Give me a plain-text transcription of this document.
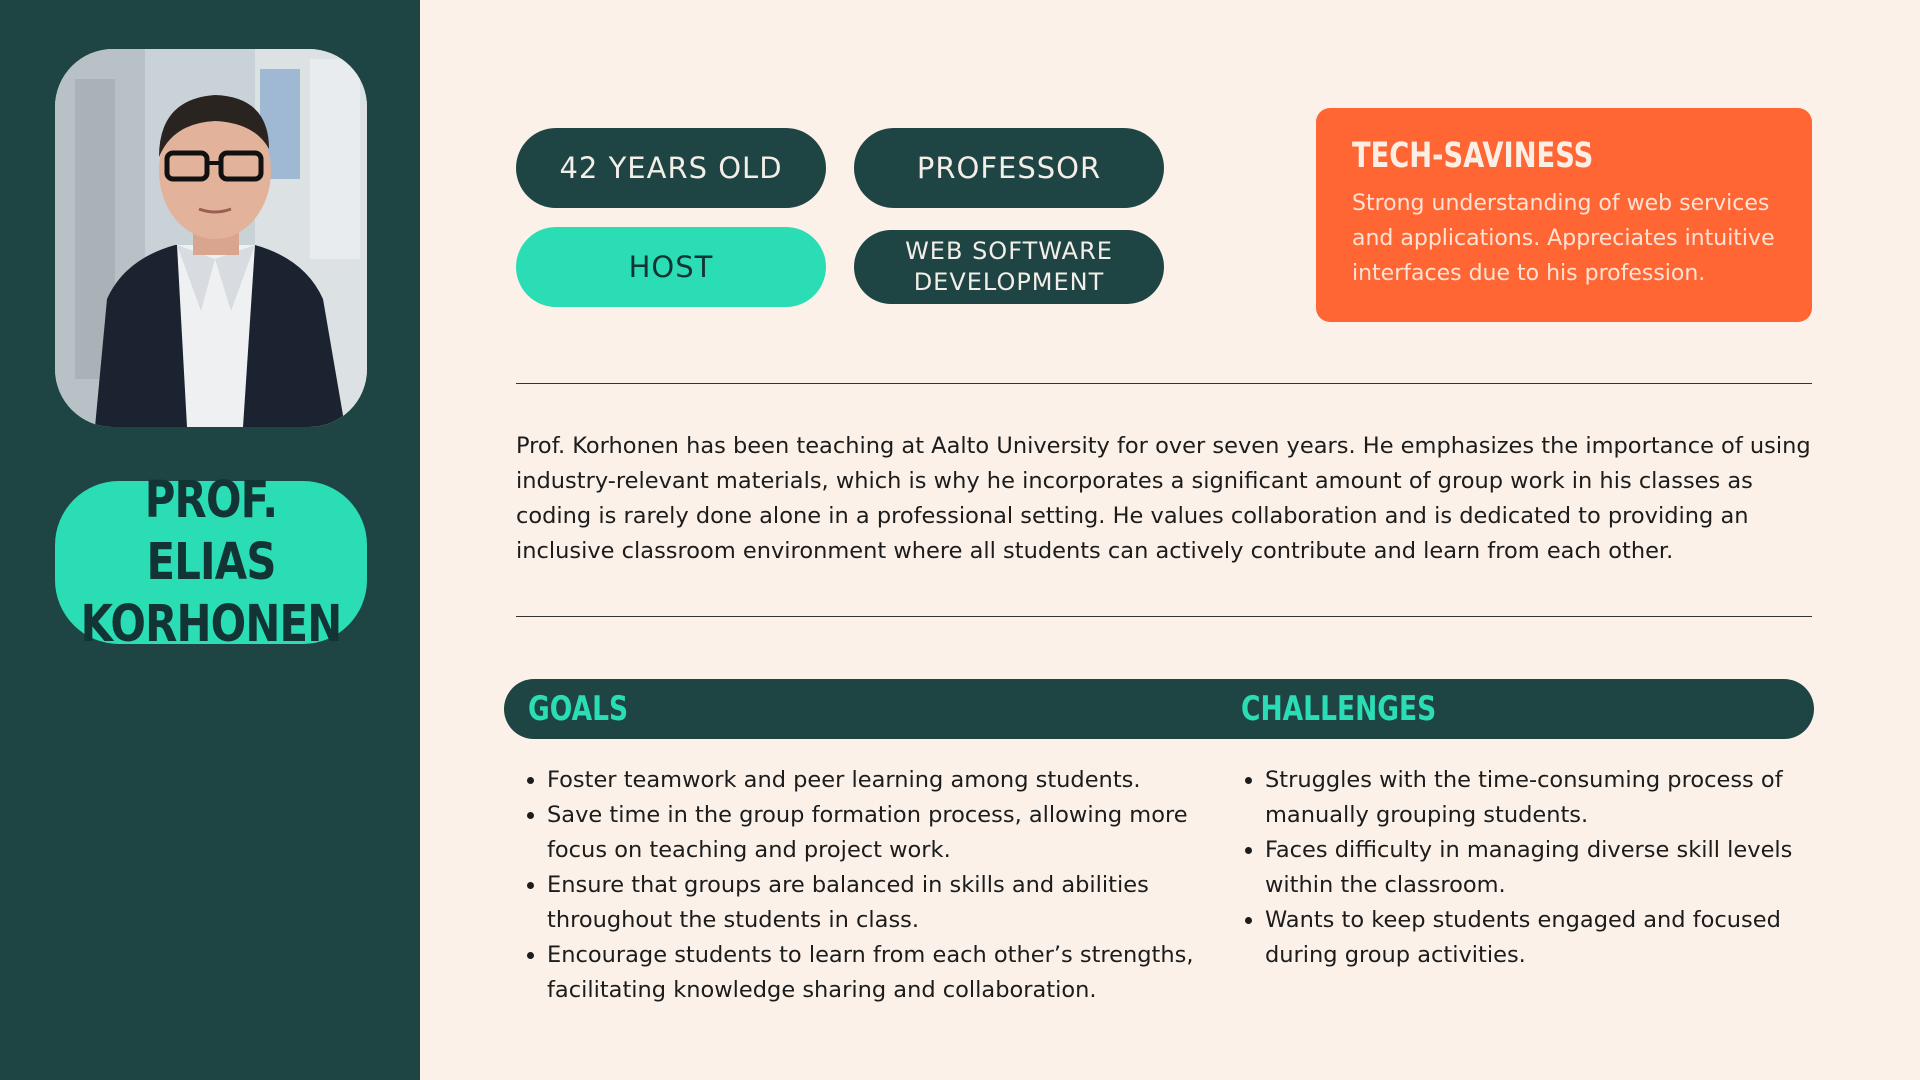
PROF. ELIAS KORHONEN
42 YEARS OLD	PROFESSOR
HOST	WEB SOFTWARE DEVELOPMENT
TECH-SAVINESS
Strong understanding of web services and applications. Appreciates intuitive interfaces due to his profession.
Prof. Korhonen has been teaching at Aalto University for over seven years. He emphasizes the importance of using industry-relevant materials, which is why he incorporates a significant amount of group work in his classes as coding is rarely done alone in a professional setting. He values collaboration and is dedicated to providing an inclusive classroom environment where all students can actively contribute and learn from each other.
GOALS	CHALLENGES
• Foster teamwork and peer learning among students.
• Save time in the group formation process, allowing more focus on teaching and project work.
• Ensure that groups are balanced in skills and abilities throughout the students in class.
• Encourage students to learn from each other’s strengths, facilitating knowledge sharing and collaboration.
• Struggles with the time-consuming process of manually grouping students.
• Faces difficulty in managing diverse skill levels within the classroom.
• Wants to keep students engaged and focused during group activities.
